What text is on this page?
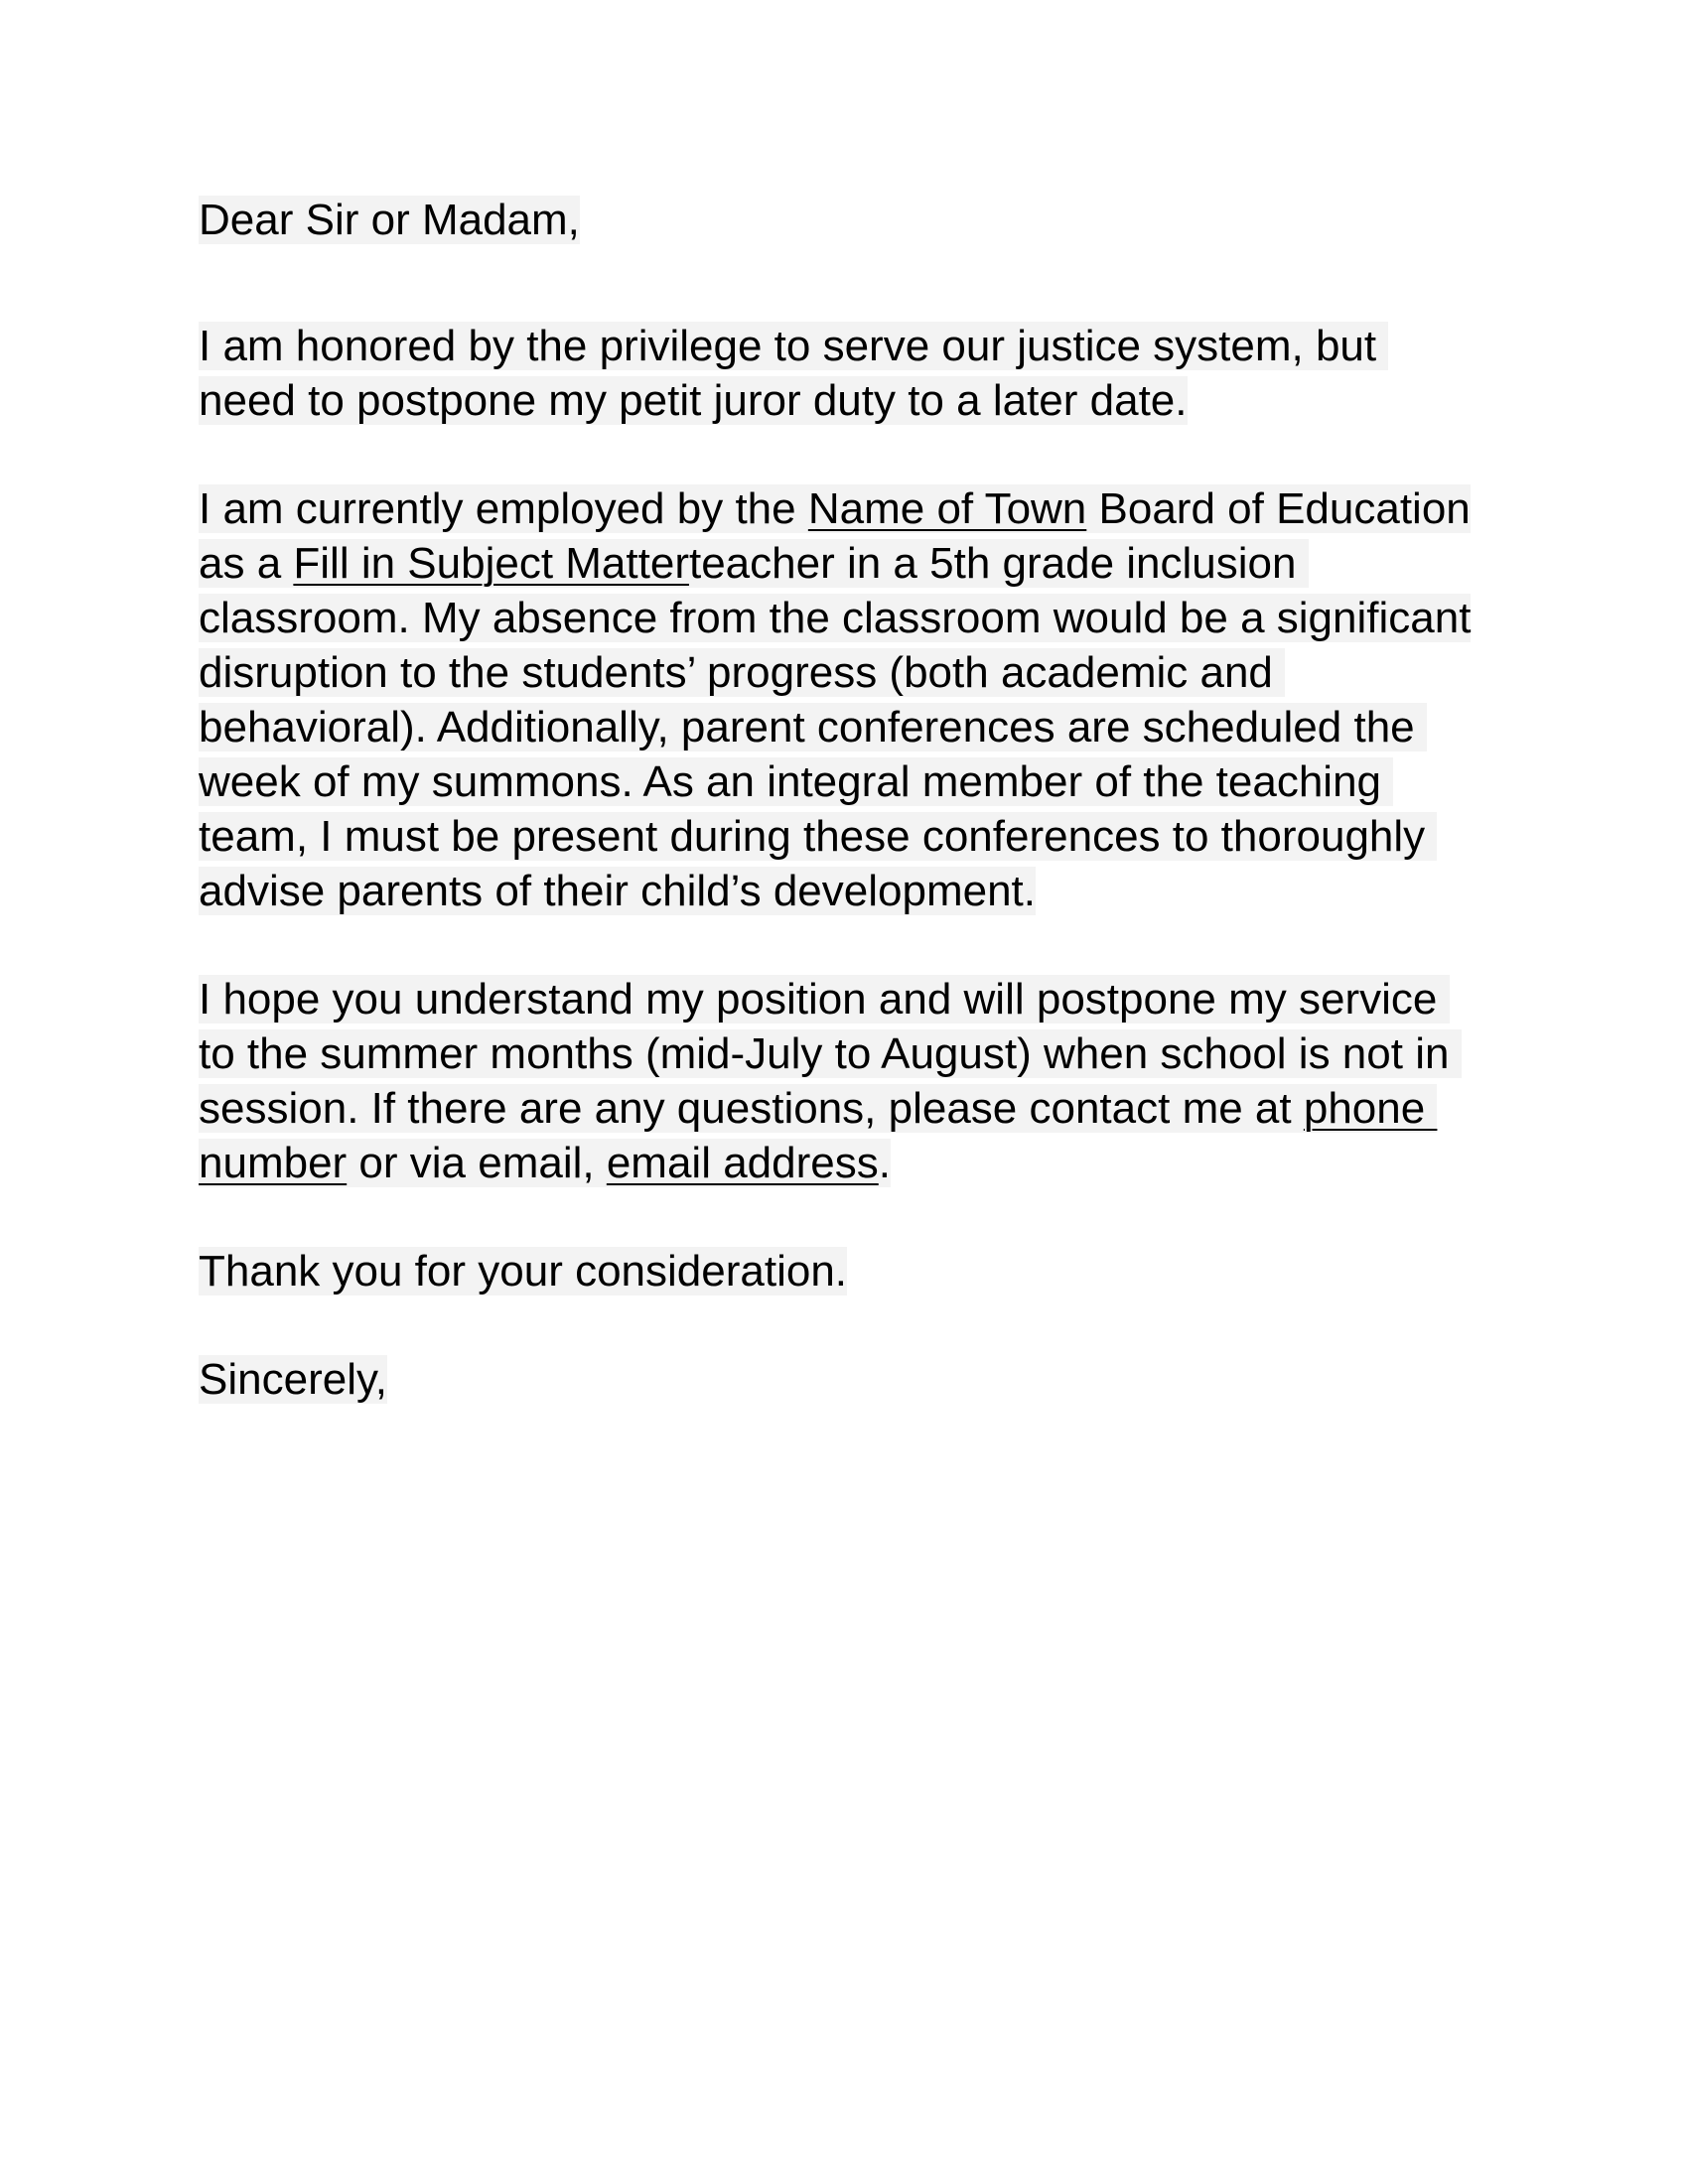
Dear Sir or Madam,

I am honored by the privilege to serve our justice system, but
need to postpone my petit juror duty to a later date.

I am currently employed by the Name of Town Board of Education
as a Fill in Subject Matterteacher in a 5th grade inclusion
classroom. My absence from the classroom would be a significant
disruption to the students’ progress (both academic and
behavioral). Additionally, parent conferences are scheduled the
week of my summons. As an integral member of the teaching
team, I must be present during these conferences to thoroughly
advise parents of their child’s development.

I hope you understand my position and will postpone my service
to the summer months (mid-July to August) when school is not in
session. If there are any questions, please contact me at phone
number or via email, email address.

Thank you for your consideration.

Sincerely,
